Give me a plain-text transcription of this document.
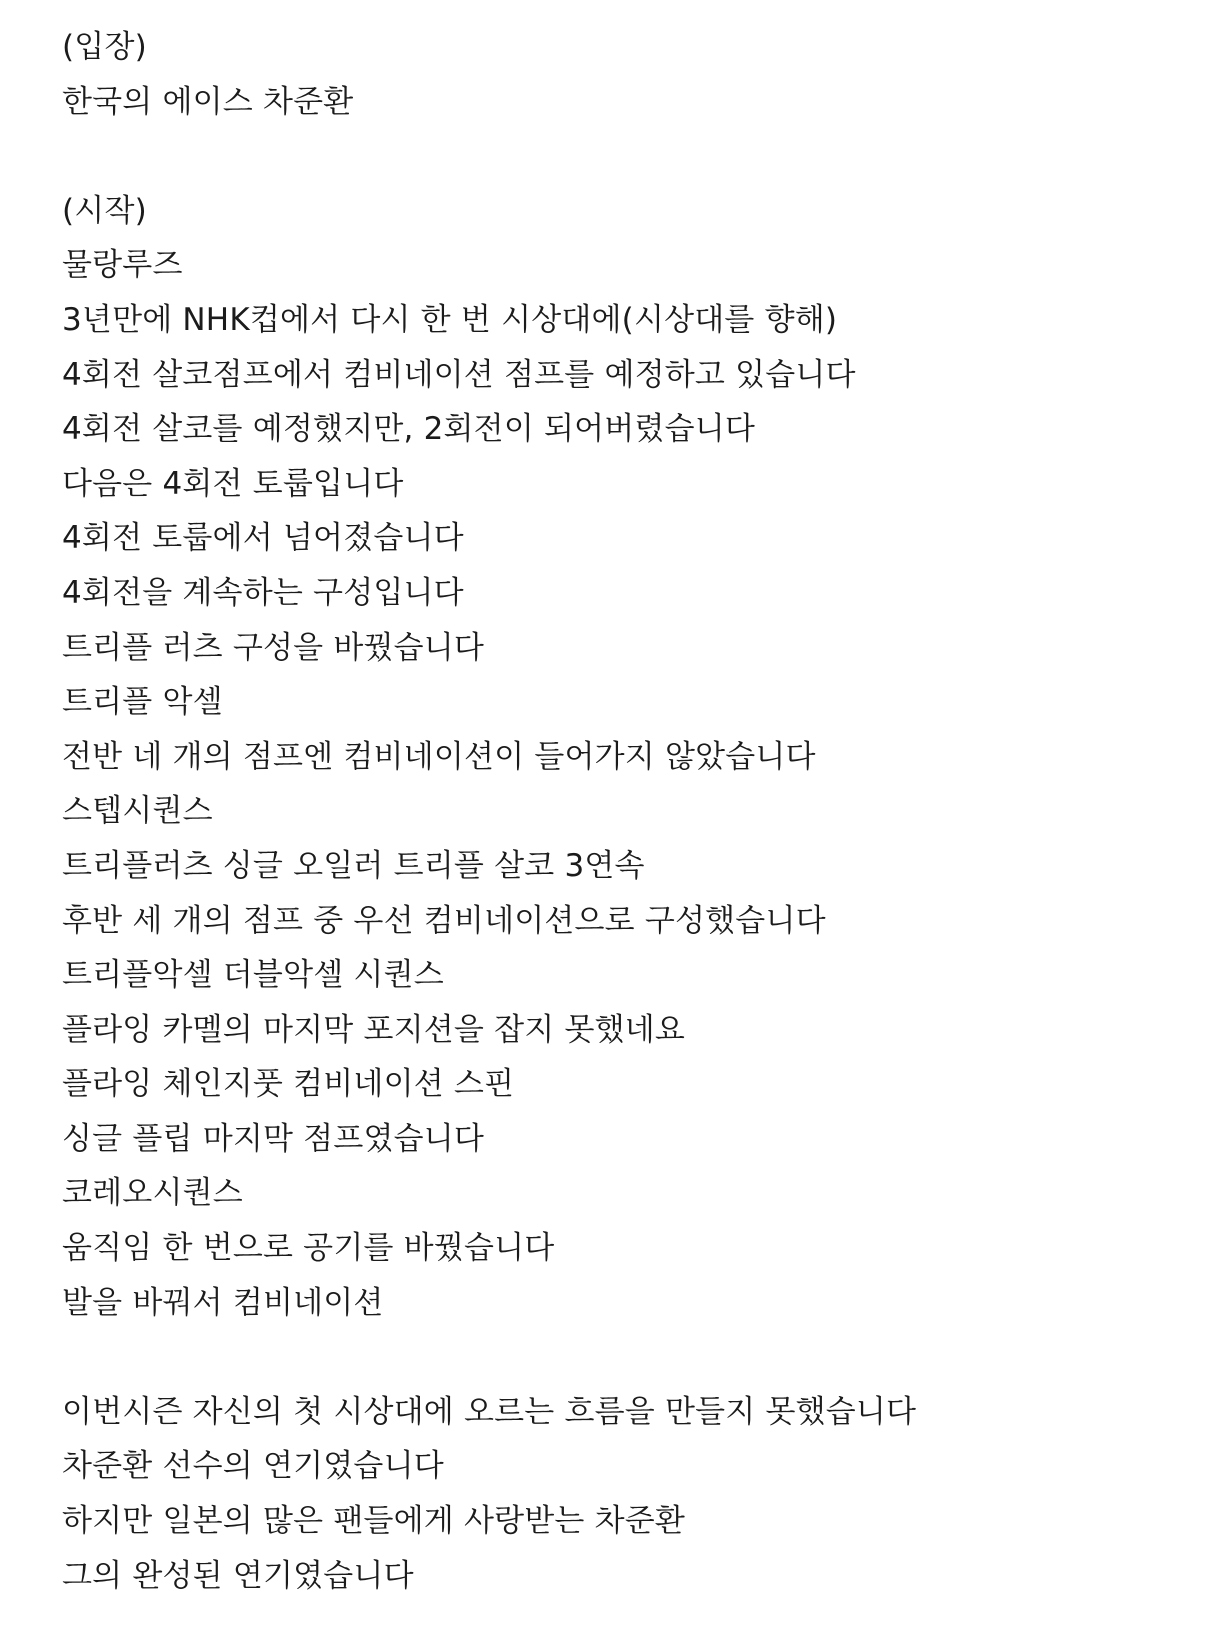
(입장)
한국의 에이스 차준환
(시작)
물랑루즈
3년만에 NHK컵에서 다시 한 번 시상대에(시상대를 향해)
4회전 살코점프에서 컴비네이션 점프를 예정하고 있습니다
4회전 살코를 예정했지만, 2회전이 되어버렸습니다
다음은 4회전 토룹입니다
4회전 토룹에서 넘어졌습니다
4회전을 계속하는 구성입니다
트리플 러츠 구성을 바꿨습니다
트리플 악셀
전반 네 개의 점프엔 컴비네이션이 들어가지 않았습니다
스텝시퀀스
트리플러츠 싱글 오일러 트리플 살코 3연속
후반 세 개의 점프 중 우선 컴비네이션으로 구성했습니다
트리플악셀 더블악셀 시퀀스
플라잉 카멜의 마지막 포지션을 잡지 못했네요
플라잉 체인지풋 컴비네이션 스핀
싱글 플립 마지막 점프였습니다
코레오시퀀스
움직임 한 번으로 공기를 바꿨습니다
발을 바꿔서 컴비네이션
이번시즌 자신의 첫 시상대에 오르는 흐름을 만들지 못했습니다
차준환 선수의 연기였습니다
하지만 일본의 많은 팬들에게 사랑받는 차준환
그의 완성된 연기였습니다
